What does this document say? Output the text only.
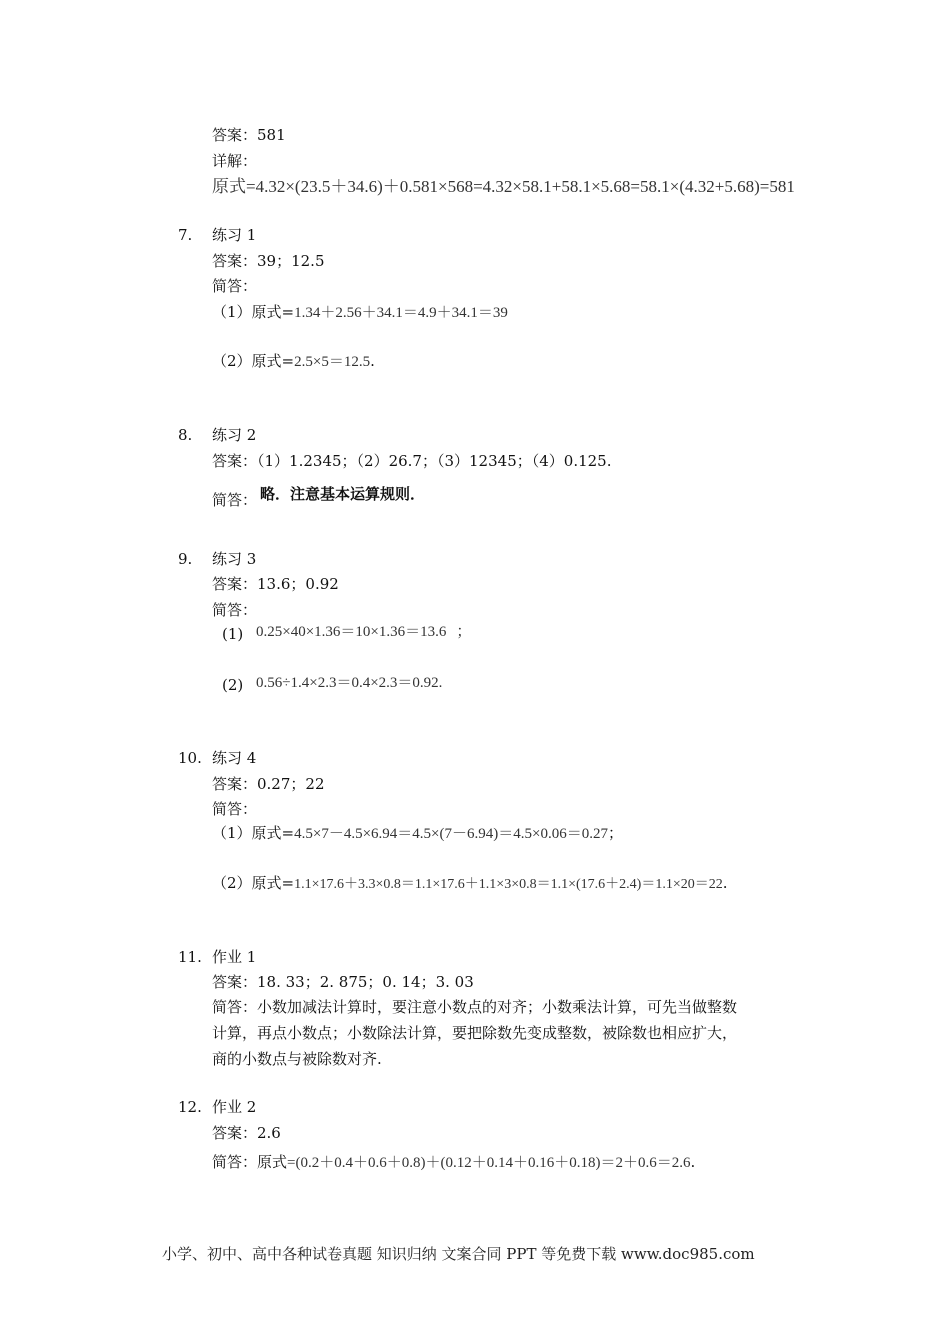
答案：581
详解：
原式=4.32×(23.5＋34.6)＋0.581×568=4.32×58.1+58.1×5.68=58.1×(4.32+5.68)=581
7. 练习 1
答案：39；12.5
简答：
（1）原式=1.34＋2.56＋34.1＝4.9＋34.1＝39
（2）原式=2.5×5＝12.5.
8. 练习 2
答案：（1）1.2345；（2）26.7；（3）12345；（4）0.125.
简答： 略．注意基本运算规则．
9. 练习 3
答案：13.6；0.92
简答：
(1) 0.25×40×1.36＝10×1.36＝13.6 ；
(2) 0.56÷1.4×2.3＝0.4×2.3＝0.92.
10. 练习 4
答案：0.27；22
简答：
（1）原式=4.5×7－4.5×6.94＝4.5×(7－6.94)＝4.5×0.06＝0.27；
（2）原式=1.1×17.6＋3.3×0.8＝1.1×17.6＋1.1×3×0.8＝1.1×(17.6＋2.4)＝1.1×20＝22.
11. 作业 1
答案：18. 33；2. 875；0. 14；3. 03
简答：小数加减法计算时，要注意小数点的对齐；小数乘法计算，可先当做整数
计算，再点小数点；小数除法计算，要把除数先变成整数，被除数也相应扩大，
商的小数点与被除数对齐.
12. 作业 2
答案：2.6
简答：原式=(0.2＋0.4＋0.6＋0.8)＋(0.12＋0.14＋0.16＋0.18)＝2＋0.6＝2.6.
小学、初中、高中各种试卷真题 知识归纳 文案合同 PPT 等免费下载 www.doc985.com
